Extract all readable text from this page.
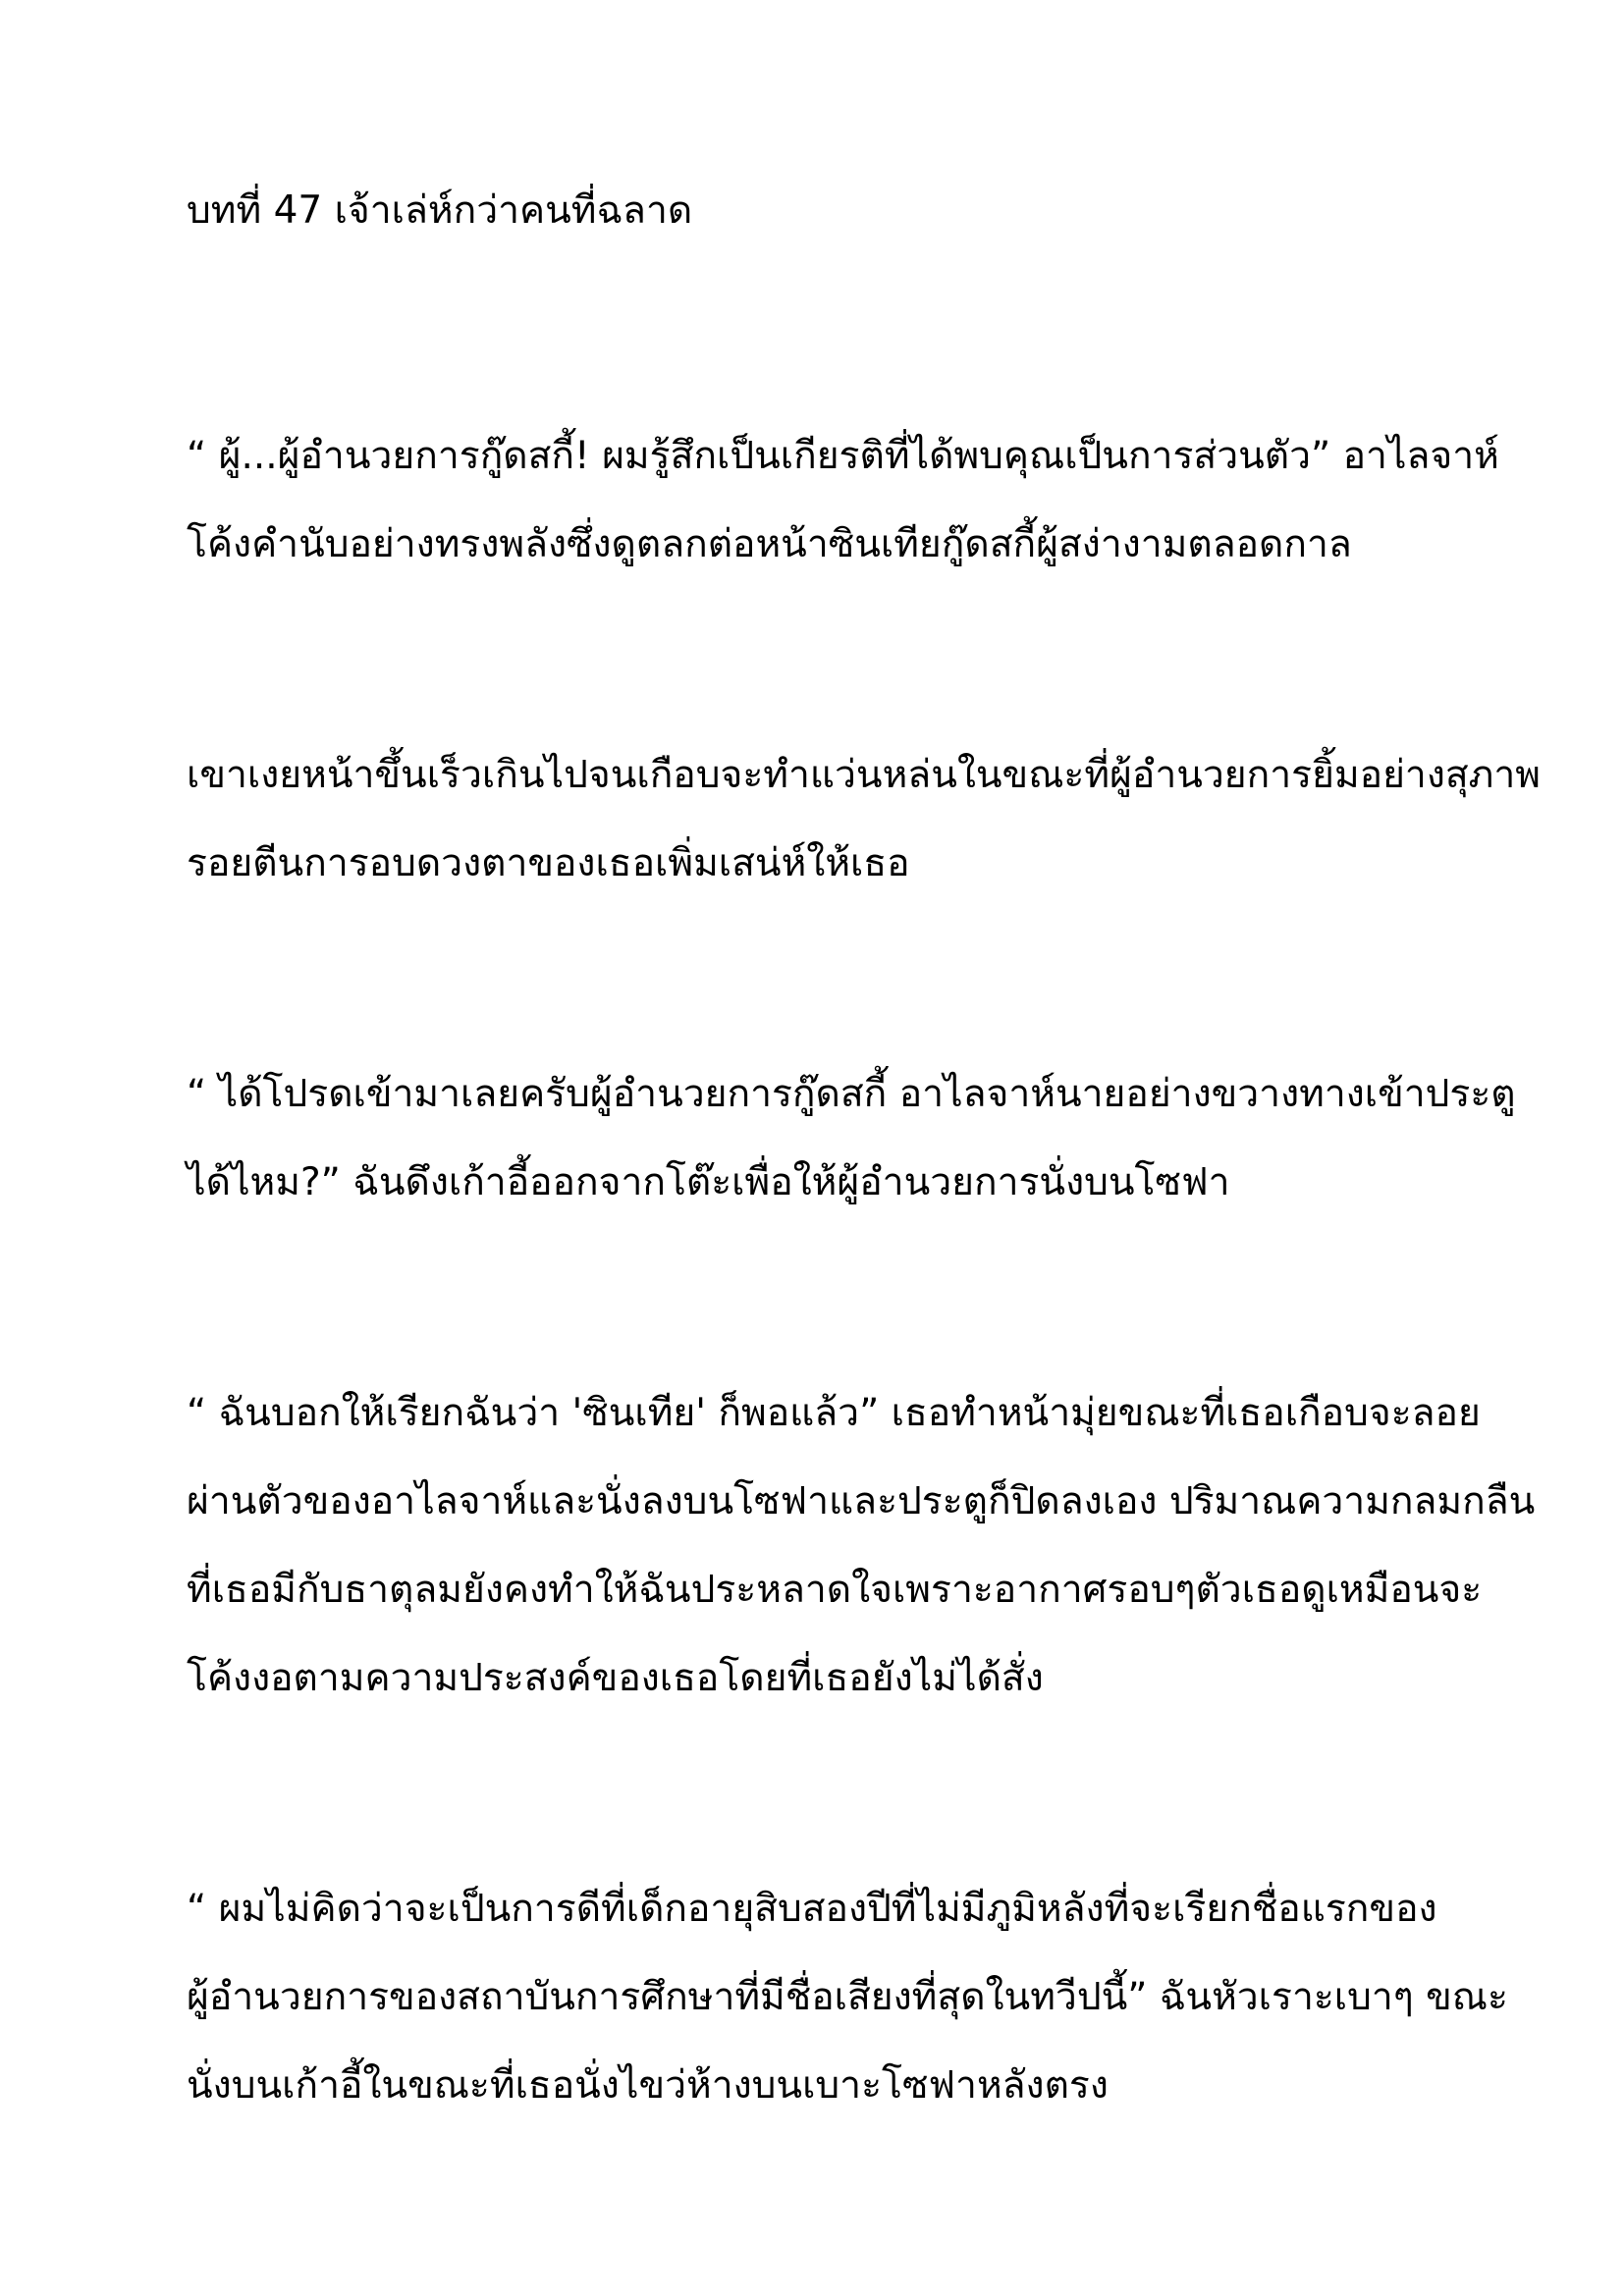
บทที่ 47 เจ้าเล่ห์กว่าคนที่ฉลาด
“ ผู้...ผู้อำนวยการกู๊ดสกี้! ผมรู้สึกเป็นเกียรติที่ได้พบคุณเป็นการส่วนตัว” อาไลจาห์
โค้งคำนับอย่างทรงพลังซึ่งดูตลกต่อหน้าซินเทียกู๊ดสกี้ผู้สง่างามตลอดกาล
เขาเงยหน้าขึ้นเร็วเกินไปจนเกือบจะทำแว่นหล่นในขณะที่ผู้อำนวยการยิ้มอย่างสุภาพ
รอยตีนการอบดวงตาของเธอเพิ่มเสน่ห์ให้เธอ
“ ได้โปรดเข้ามาเลยครับผู้อำนวยการกู๊ดสกี้ อาไลจาห์นายอย่างขวางทางเข้าประตู
ได้ไหม?” ฉันดึงเก้าอี้ออกจากโต๊ะเพื่อให้ผู้อำนวยการนั่งบนโซฟา
“ ฉันบอกให้เรียกฉันว่า 'ซินเทีย' ก็พอแล้ว” เธอทำหน้ามุ่ยขณะที่เธอเกือบจะลอย
ผ่านตัวของอาไลจาห์และนั่งลงบนโซฟาและประตูก็ปิดลงเอง ปริมาณความกลมกลืน
ที่เธอมีกับธาตุลมยังคงทำให้ฉันประหลาดใจเพราะอากาศรอบๆตัวเธอดูเหมือนจะ
โค้งงอตามความประสงค์ของเธอโดยที่เธอยังไม่ได้สั่ง
“ ผมไม่คิดว่าจะเป็นการดีที่เด็กอายุสิบสองปีที่ไม่มีภูมิหลังที่จะเรียกชื่อแรกของ
ผู้อำนวยการของสถาบันการศึกษาที่มีชื่อเสียงที่สุดในทวีปนี้” ฉันหัวเราะเบาๆ ขณะ
นั่งบนเก้าอี้ในขณะที่เธอนั่งไขว่ห้างบนเบาะโซฟาหลังตรง
